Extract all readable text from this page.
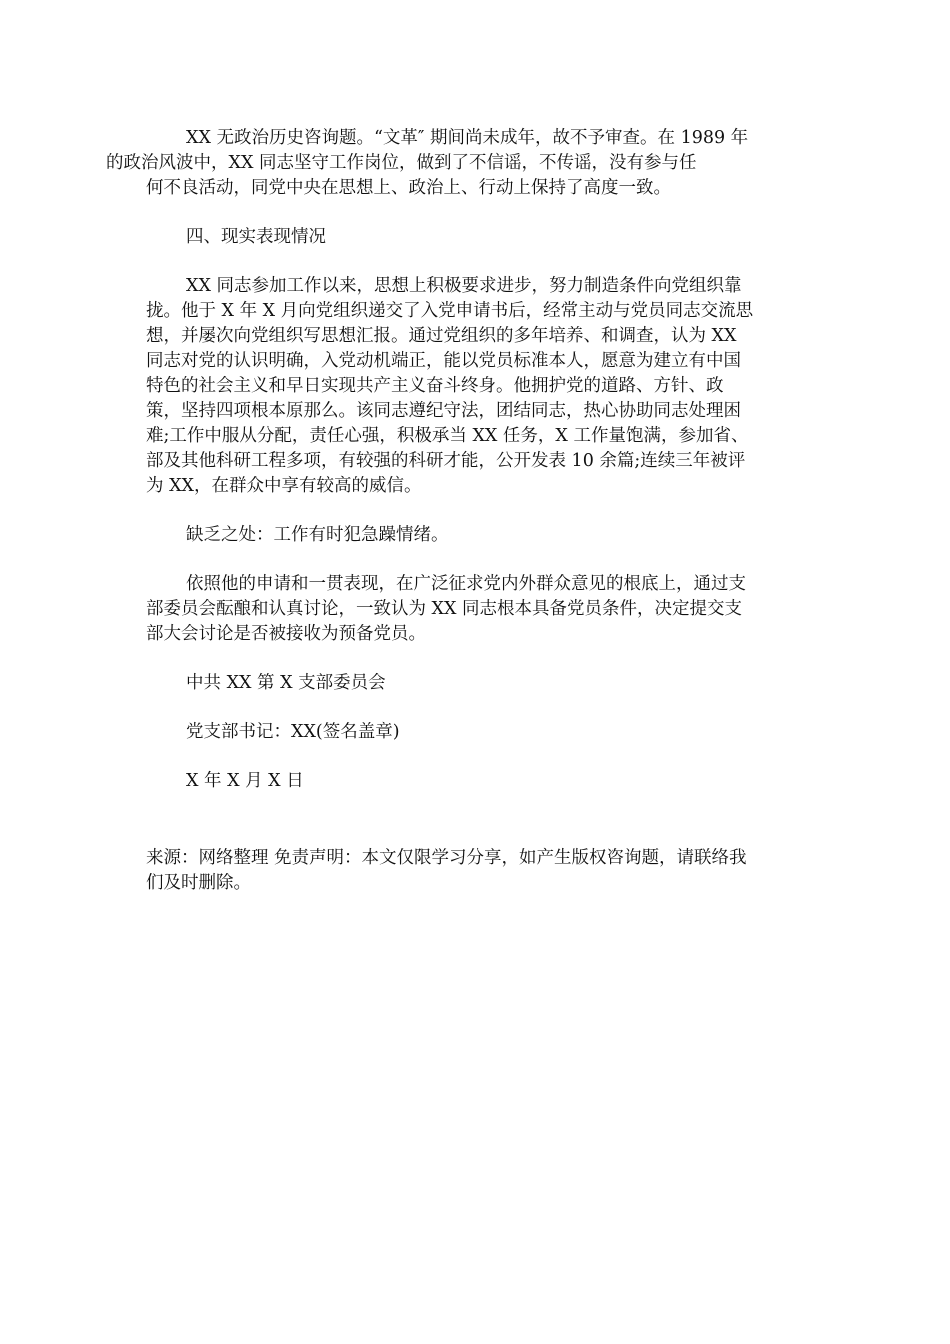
XX 无政治历史咨询题。“文革″ 期间尚未成年，故不予审查。在 1989 年
的政治风波中，XX 同志坚守工作岗位，做到了不信谣，不传谣，没有参与任
何不良活动，同党中央在思想上、政治上、行动上保持了高度一致。

四、现实表现情况

XX 同志参加工作以来，思想上积极要求进步，努力制造条件向党组织靠
拢。他于 X 年 X 月向党组织递交了入党申请书后，经常主动与党员同志交流思
想，并屡次向党组织写思想汇报。通过党组织的多年培养、和调查，认为 XX
同志对党的认识明确，入党动机端正，能以党员标准本人，愿意为建立有中国
特色的社会主义和早日实现共产主义奋斗终身。他拥护党的道路、方针、政
策，坚持四项根本原那么。该同志遵纪守法，团结同志，热心协助同志处理困
难;工作中服从分配，责任心强，积极承当 XX 任务，X 工作量饱满，参加省、
部及其他科研工程多项，有较强的科研才能，公开发表 10 余篇;连续三年被评
为 XX，在群众中享有较高的威信。

缺乏之处：工作有时犯急躁情绪。

依照他的申请和一贯表现，在广泛征求党内外群众意见的根底上，通过支
部委员会酝酿和认真讨论，一致认为 XX 同志根本具备党员条件，决定提交支
部大会讨论是否被接收为预备党员。

中共 XX 第 X 支部委员会

党支部书记：XX(签名盖章)

X 年 X 月 X 日

来源：网络整理 免责声明：本文仅限学习分享，如产生版权咨询题，请联络我
们及时删除。
